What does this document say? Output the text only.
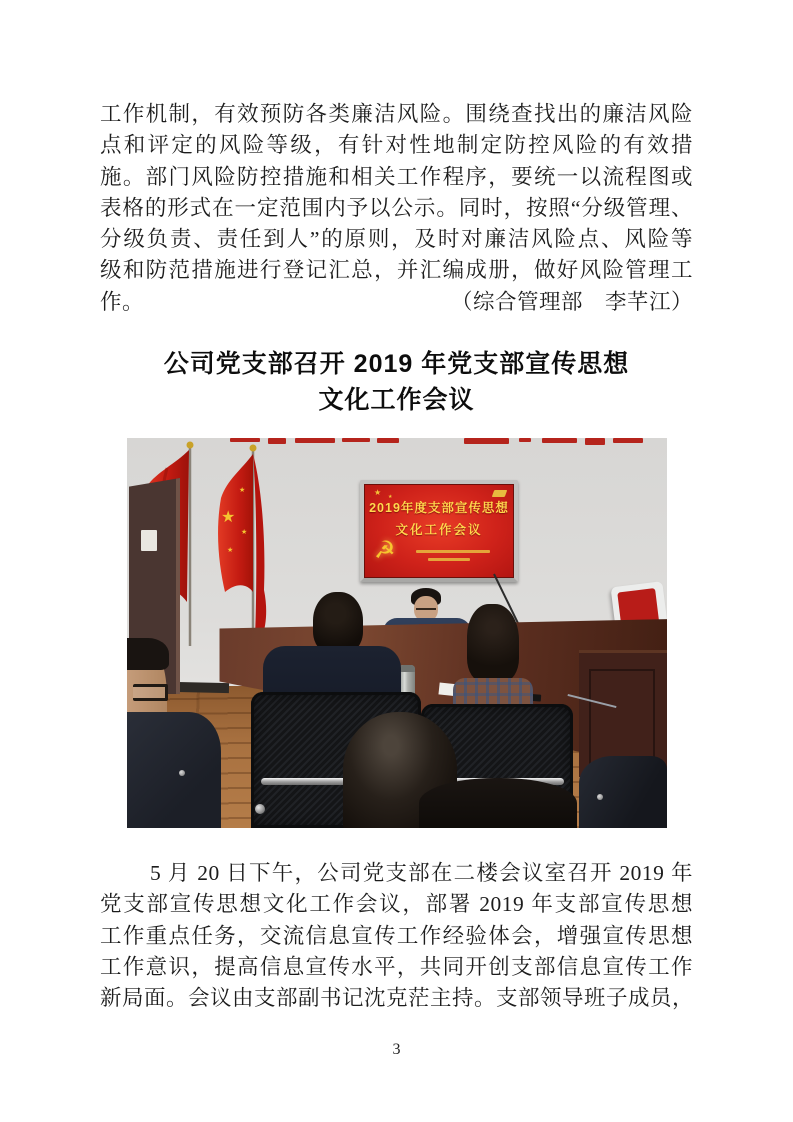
工作机制，有效预防各类廉洁风险。围绕查找出的廉洁风险
点和评定的风险等级，有针对性地制定防控风险的有效措
施。部门风险防控措施和相关工作程序，要统一以流程图或
表格的形式在一定范围内予以公示。同时，按照“分级管理、
分级负责、责任到人”的原则，及时对廉洁风险点、风险等
级和防范措施进行登记汇总，并汇编成册，做好风险管理工
作。	（综合管理部　李芊江）
公司党支部召开 2019 年党支部宣传思想
文化工作会议

★
★
★
★
★ ★
2019年度支部宣传思想
文化工作会议
☭
5 月 20 日下午，公司党支部在二楼会议室召开 2019 年
党支部宣传思想文化工作会议，部署 2019 年支部宣传思想
工作重点任务，交流信息宣传工作经验体会，增强宣传思想
工作意识，提高信息宣传水平，共同开创支部信息宣传工作
新局面。会议由支部副书记沈克茫主持。支部领导班子成员，
3
